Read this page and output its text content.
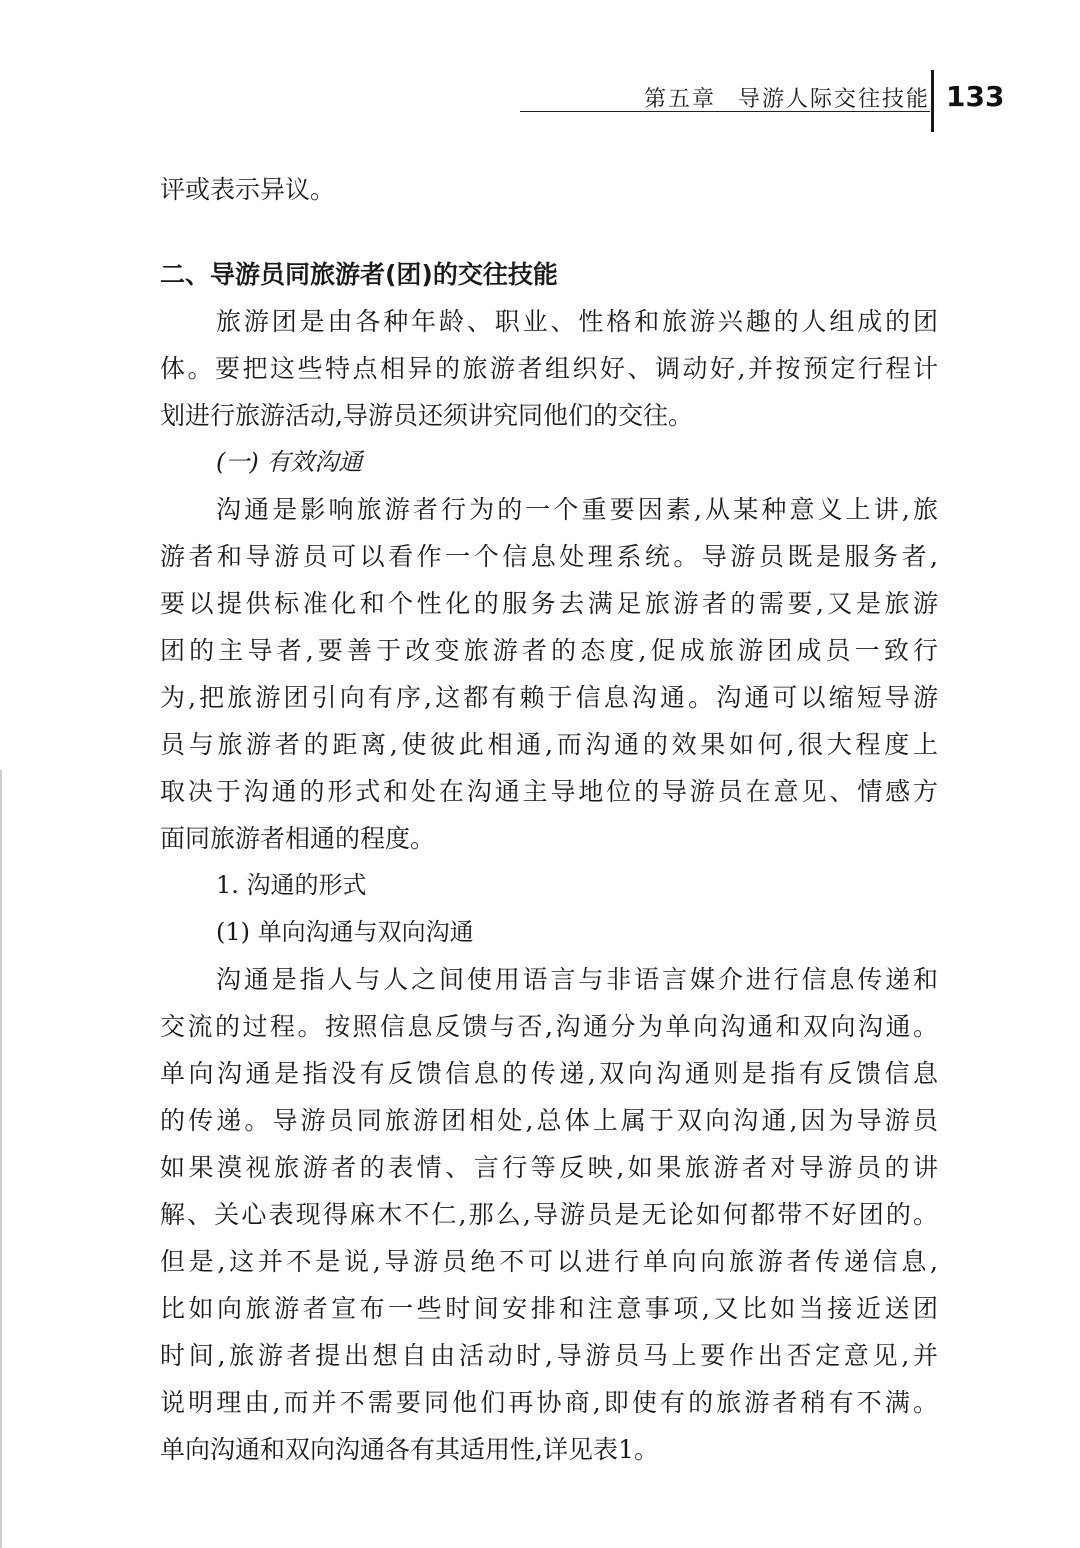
第五章 导游人际交往技能 133
评或表示异议。
二、导游员同旅游者(团)的交往技能
旅游团是由各种年龄、职业、性格和旅游兴趣的人组成的团
体。要把这些特点相异的旅游者组织好、调动好,并按预定行程计
划进行旅游活动,导游员还须讲究同他们的交往。
(一) 有效沟通
沟通是影响旅游者行为的一个重要因素,从某种意义上讲,旅
游者和导游员可以看作一个信息处理系统。导游员既是服务者,
要以提供标准化和个性化的服务去满足旅游者的需要,又是旅游
团的主导者,要善于改变旅游者的态度,促成旅游团成员一致行
为,把旅游团引向有序,这都有赖于信息沟通。沟通可以缩短导游
员与旅游者的距离,使彼此相通,而沟通的效果如何,很大程度上
取决于沟通的形式和处在沟通主导地位的导游员在意见、情感方
面同旅游者相通的程度。
1. 沟通的形式
(1) 单向沟通与双向沟通
沟通是指人与人之间使用语言与非语言媒介进行信息传递和
交流的过程。按照信息反馈与否,沟通分为单向沟通和双向沟通。
单向沟通是指没有反馈信息的传递,双向沟通则是指有反馈信息
的传递。导游员同旅游团相处,总体上属于双向沟通,因为导游员
如果漠视旅游者的表情、言行等反映,如果旅游者对导游员的讲
解、关心表现得麻木不仁,那么,导游员是无论如何都带不好团的。
但是,这并不是说,导游员绝不可以进行单向向旅游者传递信息,
比如向旅游者宣布一些时间安排和注意事项,又比如当接近送团
时间,旅游者提出想自由活动时,导游员马上要作出否定意见,并
说明理由,而并不需要同他们再协商,即使有的旅游者稍有不满。
单向沟通和双向沟通各有其适用性,详见表1。
